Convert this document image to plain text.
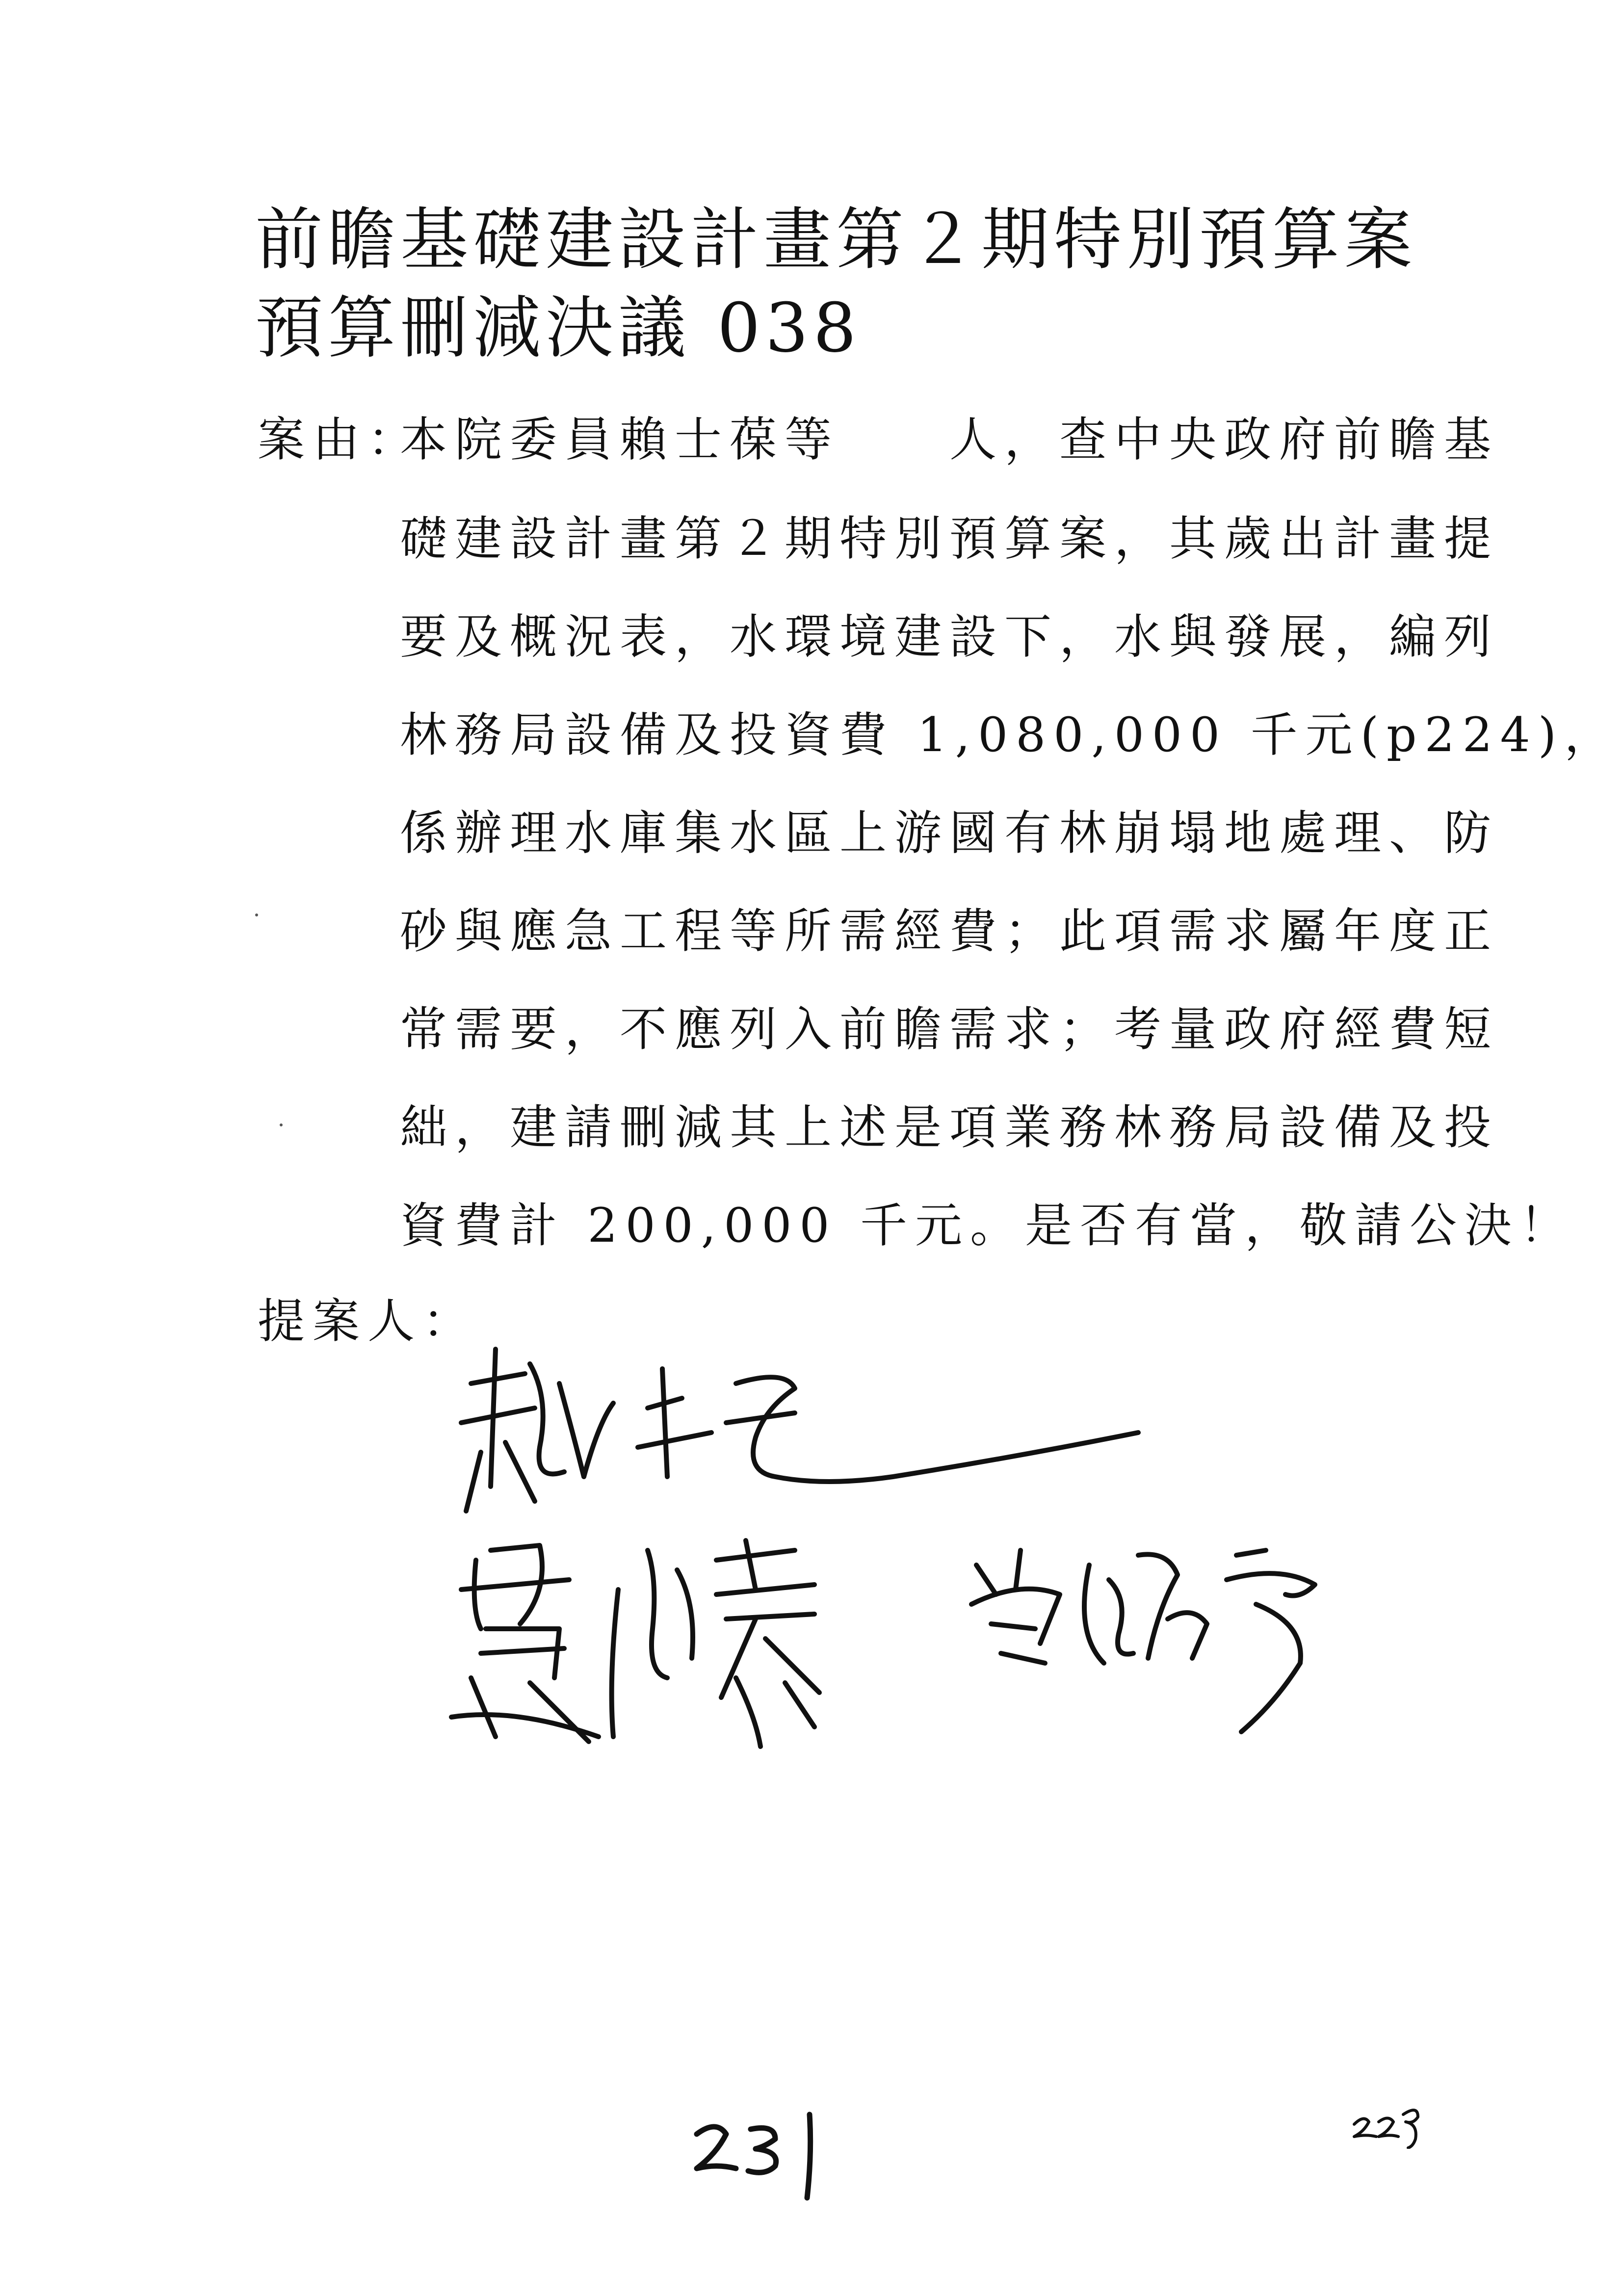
前瞻基礎建設計畫第２期特別預算案
預算刪減決議 038
案由：
本院委員賴士葆等　　人，查中央政府前瞻基
礎建設計畫第２期特別預算案，其歲出計畫提
要及概況表，水環境建設下，水與發展，編列
林務局設備及投資費 1,080,000 千元(p224)，
係辦理水庫集水區上游國有林崩塌地處理、防
砂與應急工程等所需經費；此項需求屬年度正
常需要，不應列入前瞻需求；考量政府經費短
絀，建請刪減其上述是項業務林務局設備及投
資費計 200,000 千元。是否有當，敬請公決！
提案人：
